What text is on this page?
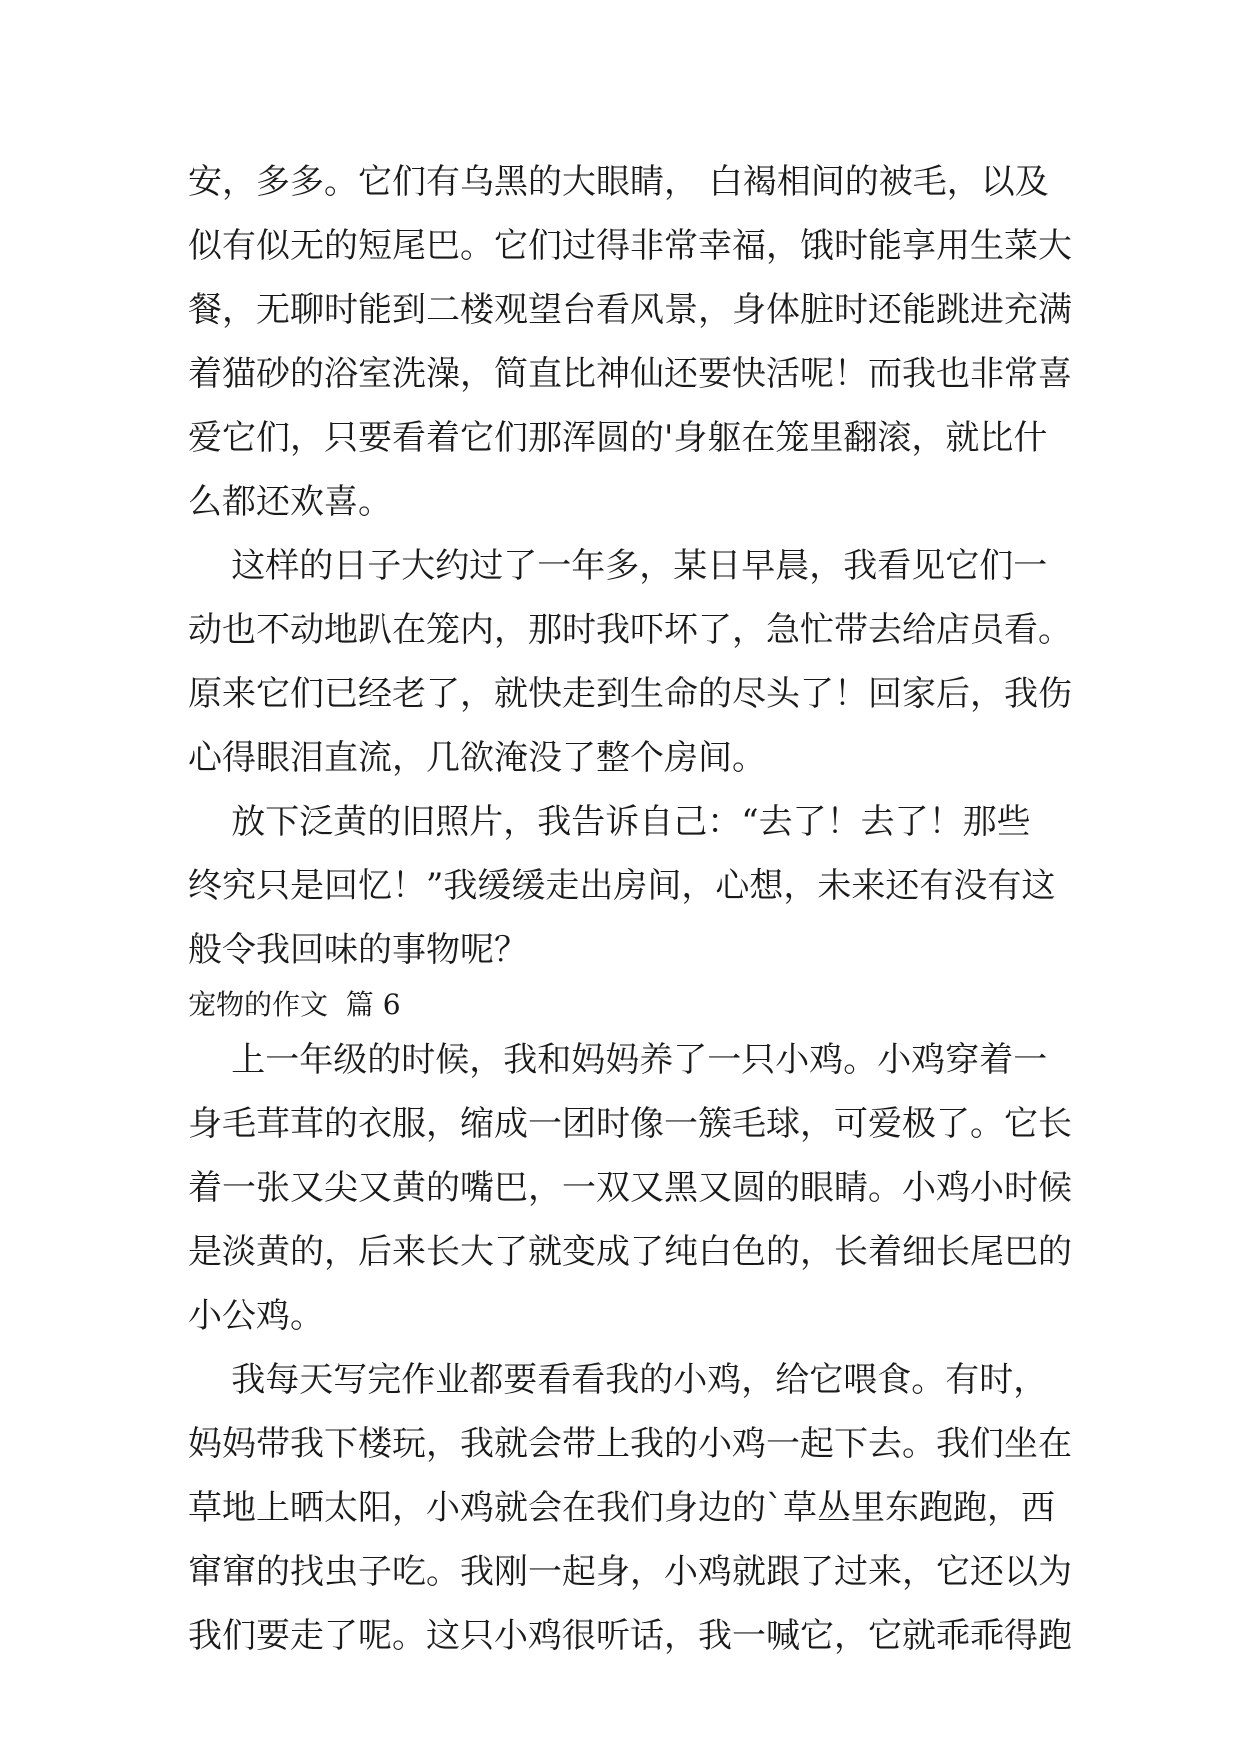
安，多多。它们有乌黑的大眼睛， 白褐相间的被毛，以及
似有似无的短尾巴。它们过得非常幸福，饿时能享用生菜大
餐，无聊时能到二楼观望台看风景，身体脏时还能跳进充满
着猫砂的浴室洗澡，简直比神仙还要快活呢！而我也非常喜
爱它们，只要看着它们那浑圆的'身躯在笼里翻滚，就比什
么都还欢喜。
这样的日子大约过了一年多，某日早晨，我看见它们一
动也不动地趴在笼内，那时我吓坏了，急忙带去给店员看。
原来它们已经老了，就快走到生命的尽头了！回家后，我伤
心得眼泪直流，几欲淹没了整个房间。
放下泛黄的旧照片，我告诉自己：“去了！去了！那些
终究只是回忆！”我缓缓走出房间，心想，未来还有没有这
般令我回味的事物呢？
宠物的作文  篇 6
上一年级的时候，我和妈妈养了一只小鸡。小鸡穿着一
身毛茸茸的衣服，缩成一团时像一簇毛球，可爱极了。它长
着一张又尖又黄的嘴巴，一双又黑又圆的眼睛。小鸡小时候
是淡黄的，后来长大了就变成了纯白色的，长着细长尾巴的
小公鸡。
我每天写完作业都要看看我的小鸡，给它喂食。有时，
妈妈带我下楼玩，我就会带上我的小鸡一起下去。我们坐在
草地上晒太阳，小鸡就会在我们身边的`草丛里东跑跑，西
窜窜的找虫子吃。我刚一起身，小鸡就跟了过来，它还以为
我们要走了呢。这只小鸡很听话，我一喊它，它就乖乖得跑
